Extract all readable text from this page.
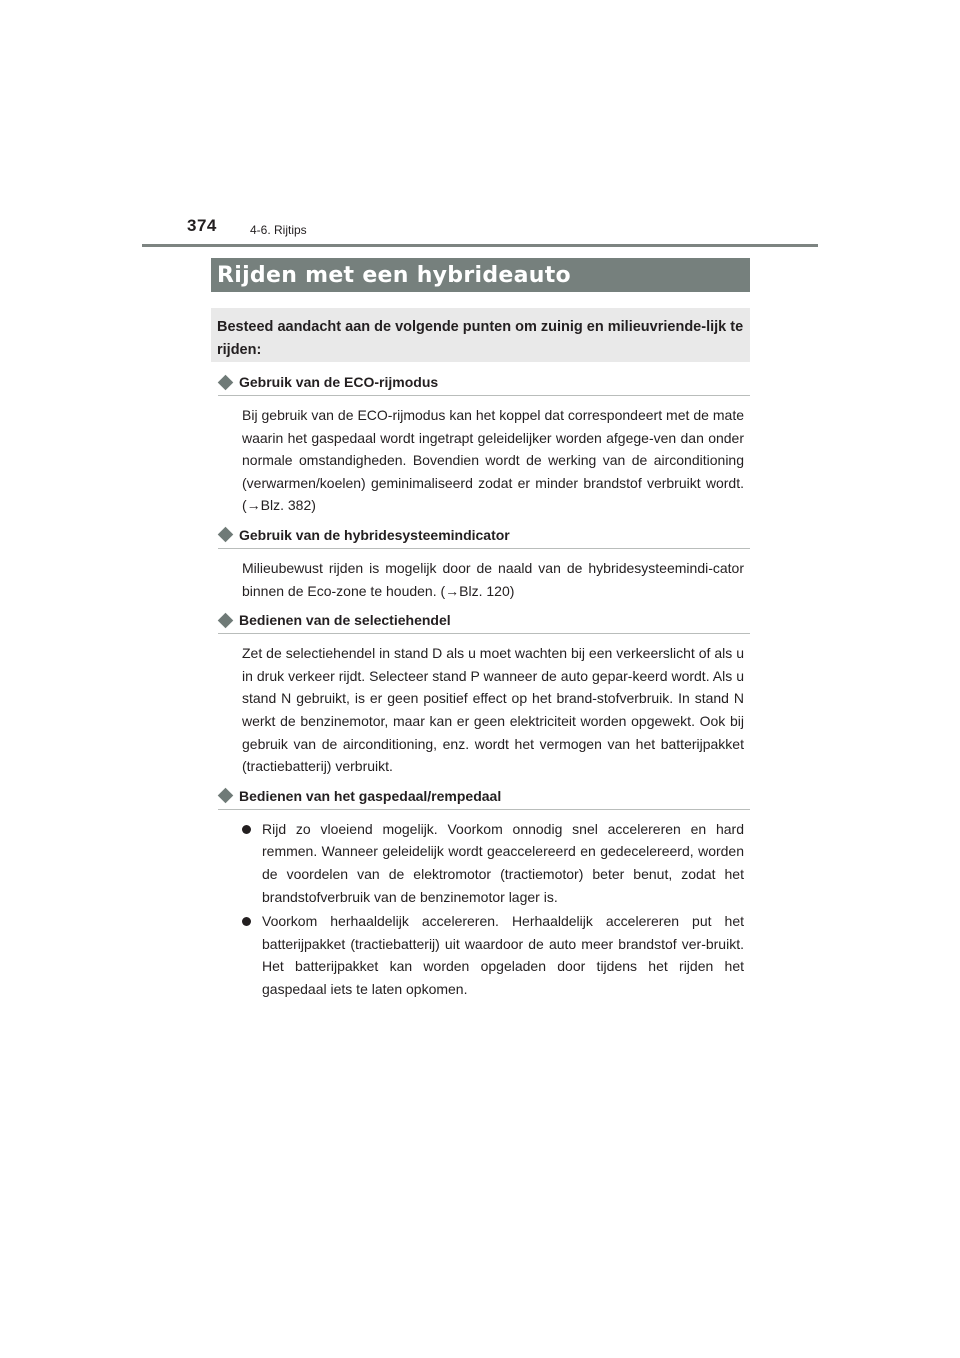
374	4-6. Rijtips
Rijden met een hybrideauto
Besteed aandacht aan de volgende punten om zuinig en milieuvriende-lijk te rijden:
Gebruik van de ECO-rijmodus
Bij gebruik van de ECO-rijmodus kan het koppel dat correspondeert met de mate waarin het gaspedaal wordt ingetrapt geleidelijker worden afgege-ven dan onder normale omstandigheden. Bovendien wordt de werking van de airconditioning (verwarmen/koelen) geminimaliseerd zodat er minder brandstof verbruikt wordt. (→Blz. 382)
Gebruik van de hybridesysteemindicator
Milieubewust rijden is mogelijk door de naald van de hybridesysteemindi-cator binnen de Eco-zone te houden. (→Blz. 120)
Bedienen van de selectiehendel
Zet de selectiehendel in stand D als u moet wachten bij een verkeerslicht of als u in druk verkeer rijdt. Selecteer stand P wanneer de auto gepar-keerd wordt. Als u stand N gebruikt, is er geen positief effect op het brand-stofverbruik. In stand N werkt de benzinemotor, maar kan er geen elektriciteit worden opgewekt. Ook bij gebruik van de airconditioning, enz. wordt het vermogen van het batterijpakket (tractiebatterij) verbruikt.
Bedienen van het gaspedaal/rempedaal
Rijd zo vloeiend mogelijk. Voorkom onnodig snel accelereren en hard remmen. Wanneer geleidelijk wordt geaccelereerd en gedecelereerd, worden de voordelen van de elektromotor (tractiemotor) beter benut, zodat het brandstofverbruik van de benzinemotor lager is.
Voorkom herhaaldelijk accelereren. Herhaaldelijk accelereren put het batterijpakket (tractiebatterij) uit waardoor de auto meer brandstof ver-bruikt. Het batterijpakket kan worden opgeladen door tijdens het rijden het gaspedaal iets te laten opkomen.
